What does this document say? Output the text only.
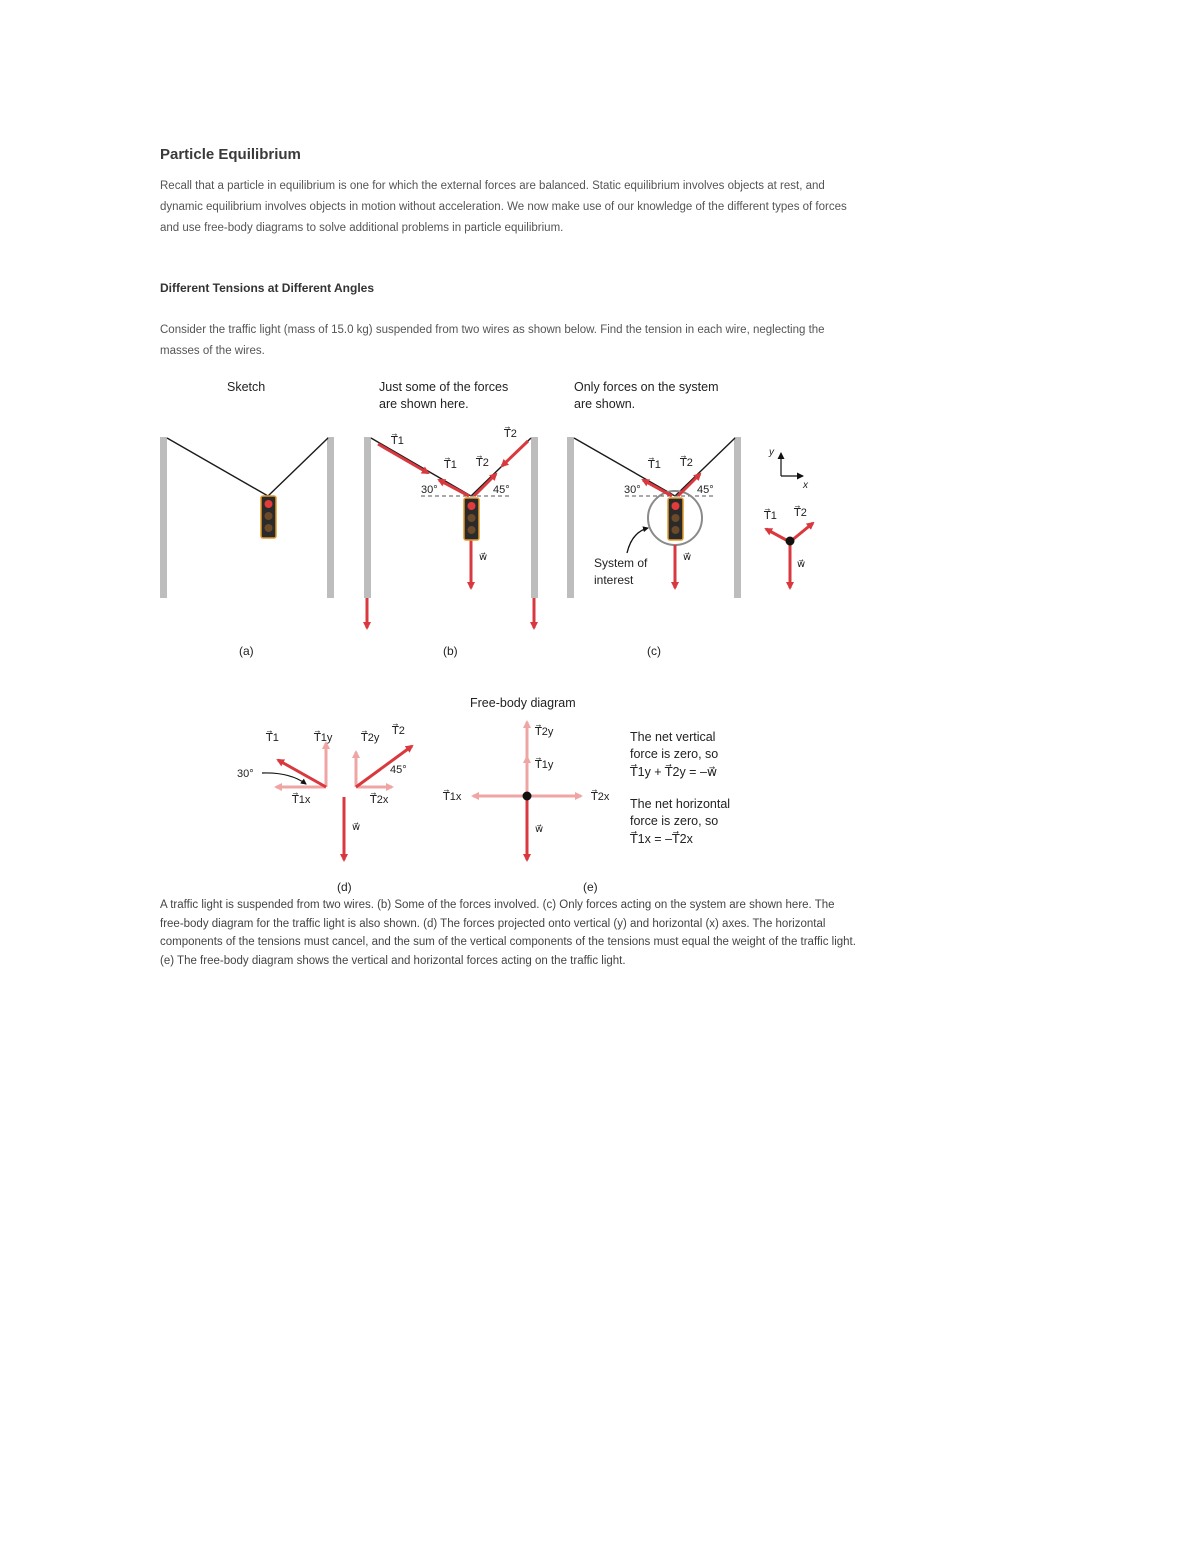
Particle Equilibrium

Recall that a particle in equilibrium is one for which the external forces are balanced. Static equilibrium involves objects at rest, and dynamic equilibrium involves objects in motion without acceleration. We now make use of our knowledge of the different types of forces and use free-body diagrams to solve additional problems in particle equilibrium.

Different Tensions at Different Angles

Consider the traffic light (mass of 15.0 kg) suspended from two wires as shown below. Find the tension in each wire, neglecting the masses of the wires.

Sketch	Just some of the forces
are shown here.
Only forces on the system
are shown.
T⃗1
T⃗2
T⃗1 T⃗2
30°	45°
w⃗
T⃗1 T⃗2
30°	45°
w⃗
System of
interest
y
x
T⃗1 T⃗2
w⃗
(a)	(b)	(c)
30°	45°
T⃗1	T⃗1y	T⃗2y
T⃗2
T⃗1x	T⃗2x
w⃗
Free-body diagram
T⃗2y
T⃗1y
T⃗1x	T⃗2x
w⃗
The net vertical
force is zero, so
T⃗1y + T⃗2y = –w⃗
The net horizontal
force is zero, so
T⃗1x = –T⃗2x
(d)	(e)

A traffic light is suspended from two wires. (b) Some of the forces involved. (c) Only forces acting on the system are shown here. The free-body diagram for the traffic light is also shown. (d) The forces projected onto vertical (y) and horizontal (x) axes. The horizontal components of the tensions must cancel, and the sum of the vertical components of the tensions must equal the weight of the traffic light. (e) The free-body diagram shows the vertical and horizontal forces acting on the traffic light.
